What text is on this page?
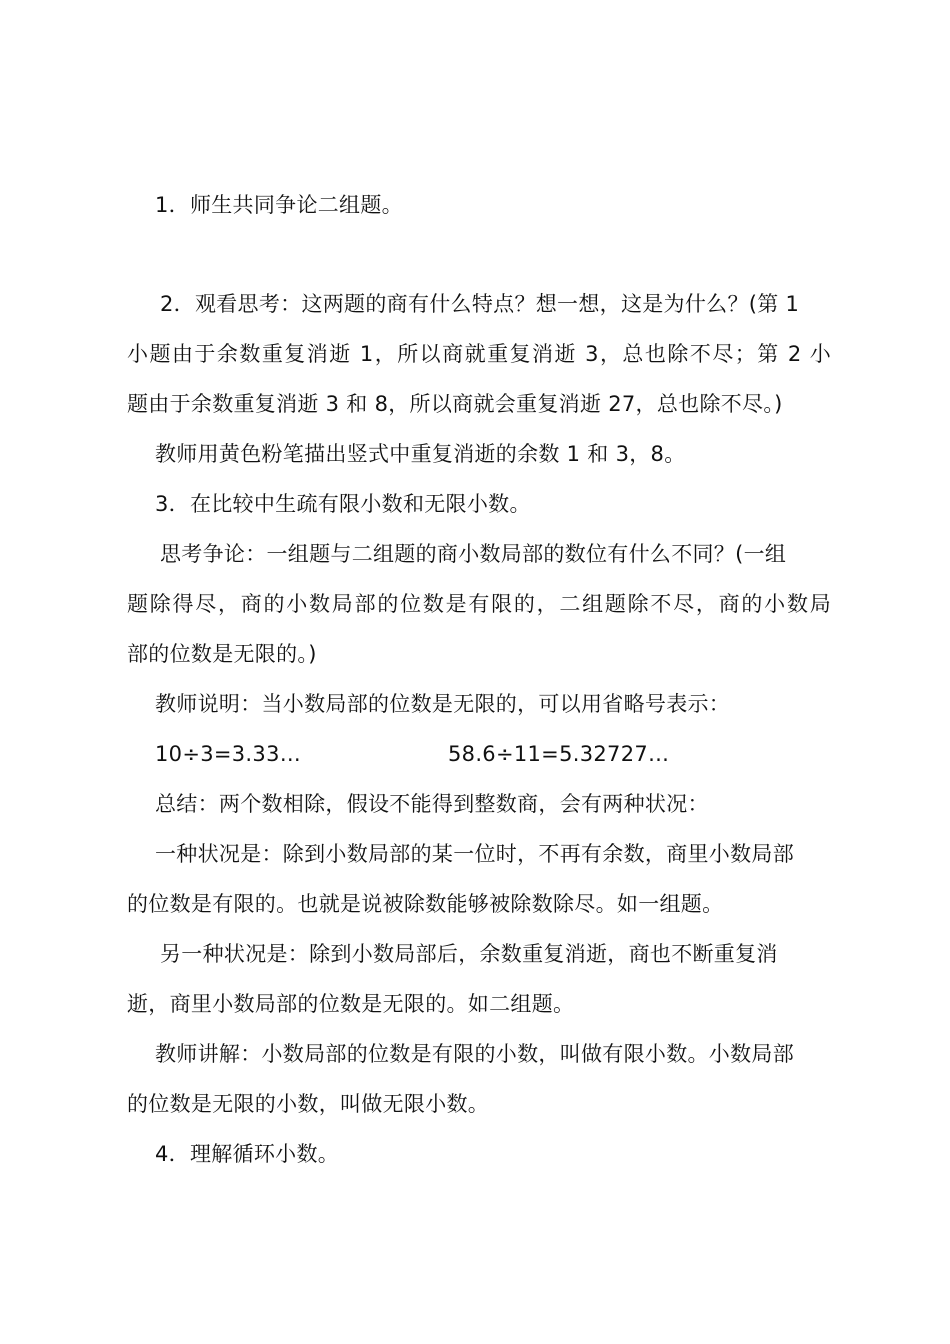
1．师生共同争论二组题。
2．观看思考：这两题的商有什么特点？想一想，这是为什么？(第 1
小题由于余数重复消逝 1，所以商就重复消逝 3，总也除不尽；第 2 小
题由于余数重复消逝 3 和 8，所以商就会重复消逝 27，总也除不尽。)
教师用黄色粉笔描出竖式中重复消逝的余数 1 和 3，8。
3．在比较中生疏有限小数和无限小数。
思考争论：一组题与二组题的商小数局部的数位有什么不同？(一组
题除得尽，商的小数局部的位数是有限的，二组题除不尽，商的小数局
部的位数是无限的。)
教师说明：当小数局部的位数是无限的，可以用省略号表示：
10÷3=3.33…	58.6÷11=5.32727…
总结：两个数相除，假设不能得到整数商，会有两种状况：
一种状况是：除到小数局部的某一位时，不再有余数，商里小数局部
的位数是有限的。也就是说被除数能够被除数除尽。如一组题。
另一种状况是：除到小数局部后，余数重复消逝，商也不断重复消
逝，商里小数局部的位数是无限的。如二组题。
教师讲解：小数局部的位数是有限的小数，叫做有限小数。小数局部
的位数是无限的小数，叫做无限小数。
4．理解循环小数。
